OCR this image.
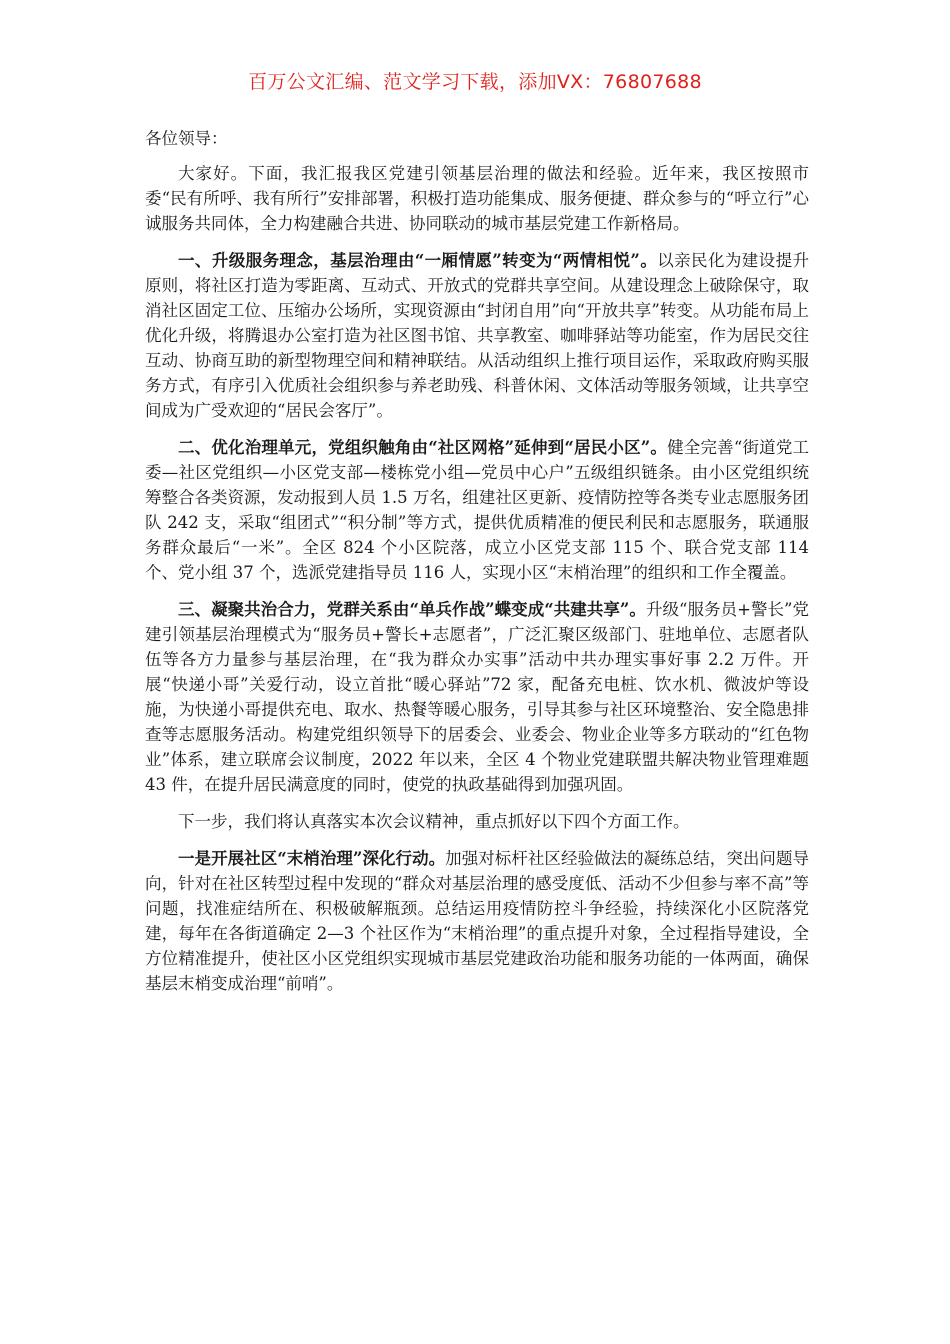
百万公文汇编、范文学习下载，添加VX：76807688

各位领导：

大家好。下面，我汇报我区党建引领基层治理的做法和经验。近年来，我区按照市委“民有所呼、我有所行”安排部署，积极打造功能集成、服务便捷、群众参与的“呼立行”心诚服务共同体，全力构建融合共进、协同联动的城市基层党建工作新格局。

一、升级服务理念，基层治理由“一厢情愿”转变为“两情相悦”。以亲民化为建设提升原则，将社区打造为零距离、互动式、开放式的党群共享空间。从建设理念上破除保守，取消社区固定工位、压缩办公场所，实现资源由“封闭自用”向“开放共享”转变。从功能布局上优化升级，将腾退办公室打造为社区图书馆、共享教室、咖啡驿站等功能室，作为居民交往互动、协商互助的新型物理空间和精神联结。从活动组织上推行项目运作，采取政府购买服务方式，有序引入优质社会组织参与养老助残、科普休闲、文体活动等服务领域，让共享空间成为广受欢迎的“居民会客厅”。

二、优化治理单元，党组织触角由“社区网格”延伸到“居民小区”。健全完善“街道党工委—社区党组织—小区党支部—楼栋党小组—党员中心户”五级组织链条。由小区党组织统筹整合各类资源，发动报到人员 1.5 万名，组建社区更新、疫情防控等各类专业志愿服务团队 242 支，采取“组团式”“积分制”等方式，提供优质精准的便民利民和志愿服务，联通服务群众最后“一米”。全区 824 个小区院落，成立小区党支部 115 个、联合党支部 114 个、党小组 37 个，选派党建指导员 116 人，实现小区“末梢治理”的组织和工作全覆盖。

三、凝聚共治合力，党群关系由“单兵作战”蝶变成“共建共享”。升级“服务员+警长”党建引领基层治理模式为“服务员+警长+志愿者”，广泛汇聚区级部门、驻地单位、志愿者队伍等各方力量参与基层治理，在“我为群众办实事”活动中共办理实事好事 2.2 万件。开展“快递小哥”关爱行动，设立首批“暖心驿站”72 家，配备充电桩、饮水机、微波炉等设施，为快递小哥提供充电、取水、热餐等暖心服务，引导其参与社区环境整治、安全隐患排查等志愿服务活动。构建党组织领导下的居委会、业委会、物业企业等多方联动的“红色物业”体系，建立联席会议制度，2022 年以来，全区 4 个物业党建联盟共解决物业管理难题 43 件，在提升居民满意度的同时，使党的执政基础得到加强巩固。

下一步，我们将认真落实本次会议精神，重点抓好以下四个方面工作。

一是开展社区“末梢治理”深化行动。加强对标杆社区经验做法的凝练总结，突出问题导向，针对在社区转型过程中发现的“群众对基层治理的感受度低、活动不少但参与率不高”等问题，找准症结所在、积极破解瓶颈。总结运用疫情防控斗争经验，持续深化小区院落党建，每年在各街道确定 2—3 个社区作为“末梢治理”的重点提升对象，全过程指导建设，全方位精准提升，使社区小区党组织实现城市基层党建政治功能和服务功能的一体两面，确保基层末梢变成治理“前哨”。
